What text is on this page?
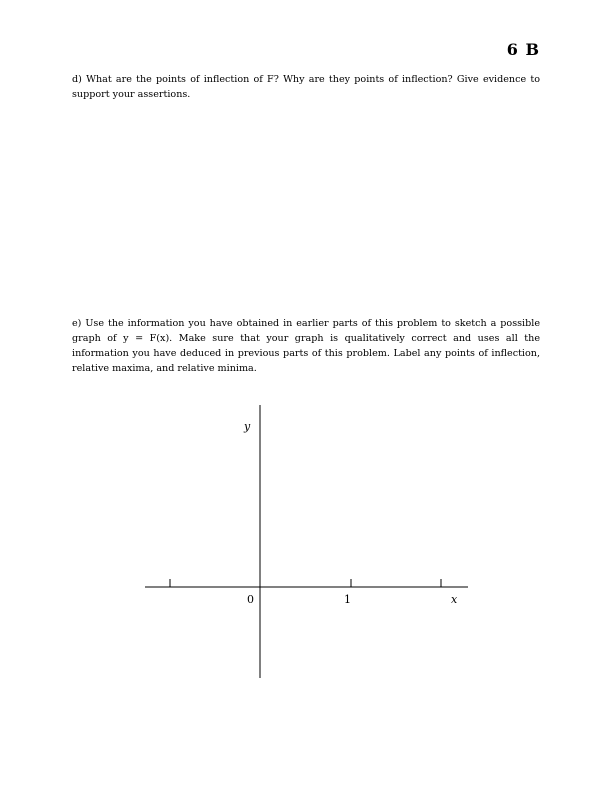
6 B
d) What are the points of inflection of F? Why are they points of inflection? Give evidence to support your assertions.
e) Use the information you have obtained in earlier parts of this problem to sketch a possible graph of y = F(x). Make sure that your graph is qualitatively correct and uses all the information you have deduced in previous parts of this problem. Label any points of inflection, relative maxima, and relative minima.
y
0	1	x
